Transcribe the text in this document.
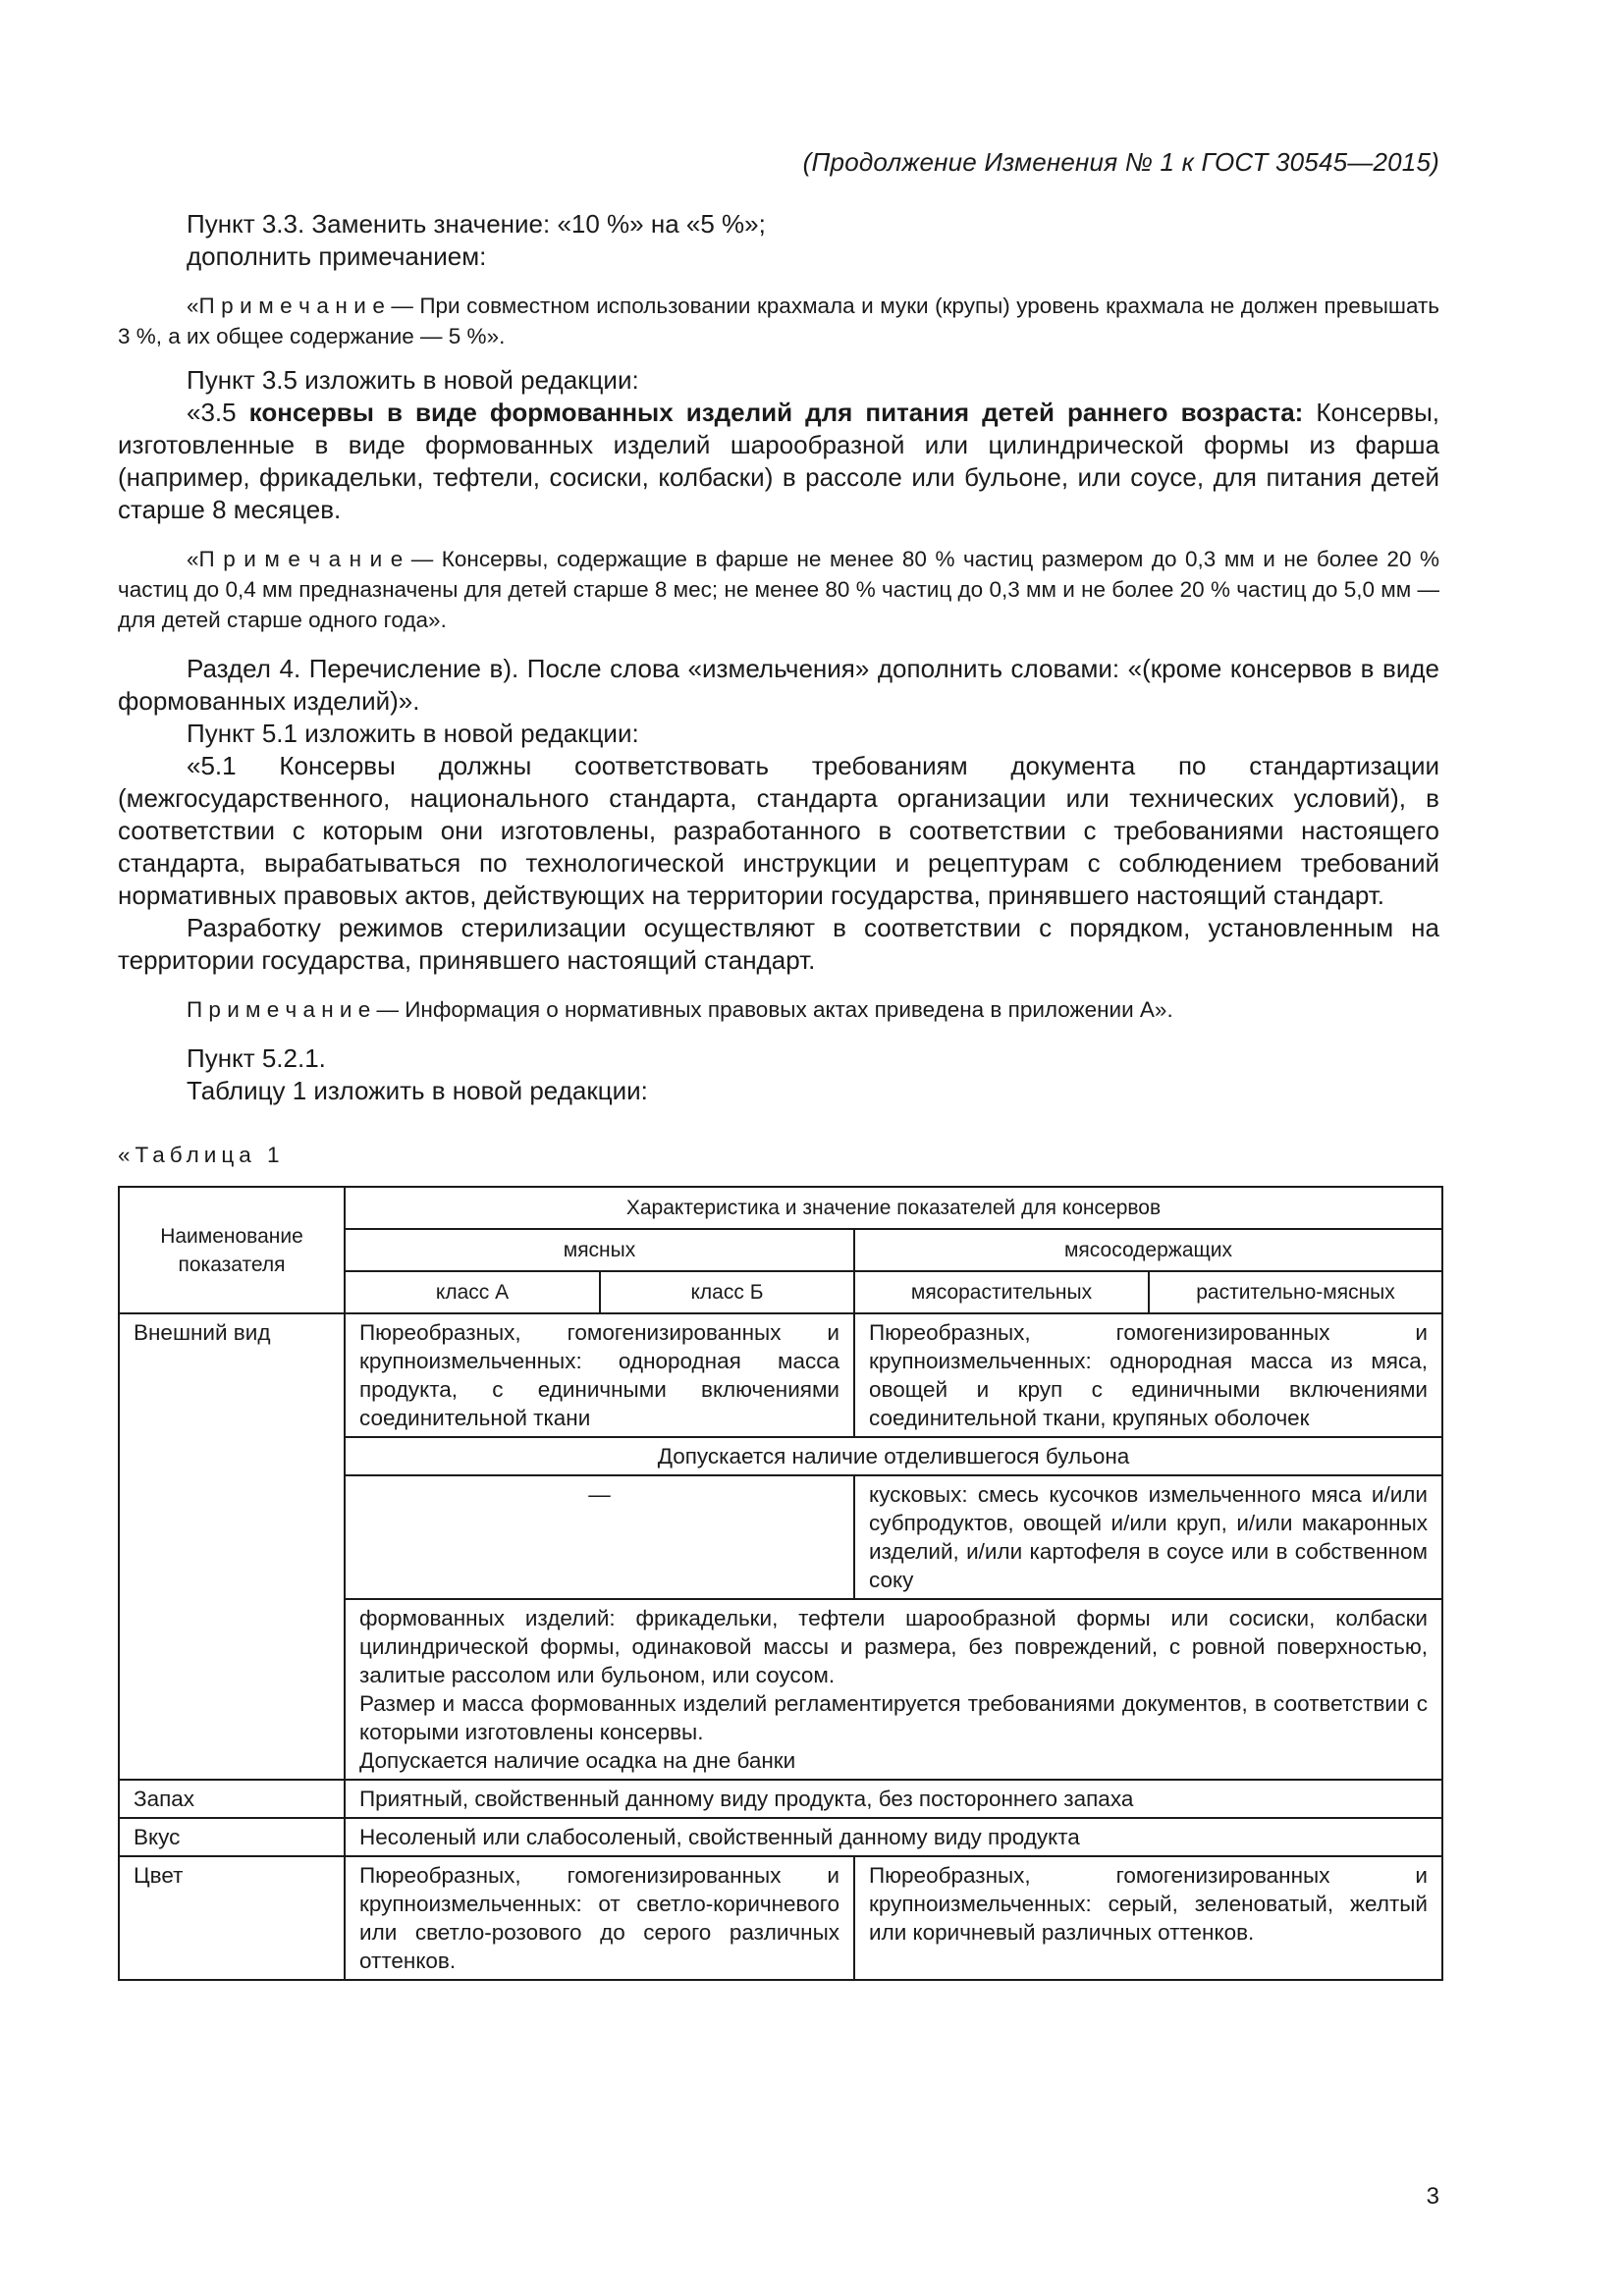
(Продолжение Изменения № 1 к ГОСТ 30545—2015)

Пункт 3.3. Заменить значение: «10 %» на «5 %»;

дополнить примечанием:

«П р и м е ч а н и е — При совместном использовании крахмала и муки (крупы) уровень крахмала не должен превышать 3 %, а их общее содержание — 5 %».

Пункт 3.5 изложить в новой редакции:

«3.5 консервы в виде формованных изделий для питания детей раннего возраста: Консервы, изготовленные в виде формованных изделий шарообразной или цилиндрической формы из фарша (например, фрикадельки, тефтели, сосиски, колбаски) в рассоле или бульоне, или соусе, для питания детей старше 8 месяцев.

«П р и м е ч а н и е — Консервы, содержащие в фарше не менее 80 % частиц размером до 0,3 мм и не более 20 % частиц до 0,4 мм предназначены для детей старше 8 мес; не менее 80 % частиц до 0,3 мм и не более 20 % частиц до 5,0 мм — для детей старше одного года».

Раздел 4. Перечисление в). После слова «измельчения» дополнить словами: «(кроме консервов в виде формованных изделий)».

Пункт 5.1 изложить в новой редакции:

«5.1 Консервы должны соответствовать требованиям документа по стандартизации (межгосударственного, национального стандарта, стандарта организации или технических условий), в соответствии с которым они изготовлены, разработанного в соответствии с требованиями настоящего стандарта, вырабатываться по технологической инструкции и рецептурам с соблюдением требований нормативных правовых актов, действующих на территории государства, принявшего настоящий стандарт.

Разработку режимов стерилизации осуществляют в соответствии с порядком, установленным на территории государства, принявшего настоящий стандарт.

П р и м е ч а н и е — Информация о нормативных правовых актах приведена в приложении А».

Пункт 5.2.1.

Таблицу 1 изложить в новой редакции:

«Таблица 1

Наименование показателя	Характеристика и значение показателей для консервов			
	мясных		мясосодержащих	
	класс А	класс Б	мясорастительных	растительно-мясных
Внешний вид	Пюреобразных, гомогенизированных и крупноизмельченных: однородная масса продукта, с единичными включениями соединительной ткани		Пюреобразных, гомогенизированных и крупноизмельченных: однородная масса из мяса, овощей и круп с единичными включениями соединительной ткани, крупяных оболочек	
	Допускается наличие отделившегося бульона			
	—		кусковых: смесь кусочков измельченного мяса и/или субпродуктов, овощей и/или круп, и/или макаронных изделий, и/или картофеля в соусе или в собственном соку	

	формованных изделий: фрикадельки, тефтели шарообразной формы или сосиски, колбаски цилиндрической формы, одинаковой массы и размера, без повреждений, с ровной поверхностью, залитые рассолом или бульоном, или соусом.
Размер и масса формованных изделий регламентируется требованиями документов, в соответствии с которыми изготовлены консервы.
Допускается наличие осадка на дне банки			

Запах	Приятный, свойственный данному виду продукта, без постороннего запаха			
Вкус	Несоленый или слабосоленый, свойственный данному виду продукта			
Цвет	Пюреобразных, гомогенизированных и крупноизмельченных: от светло-коричневого или светло-розового до серого различных оттенков.		Пюреобразных, гомогенизированных и крупноизмельченных: серый, зеленоватый, желтый или коричневый различных оттенков.	
3
